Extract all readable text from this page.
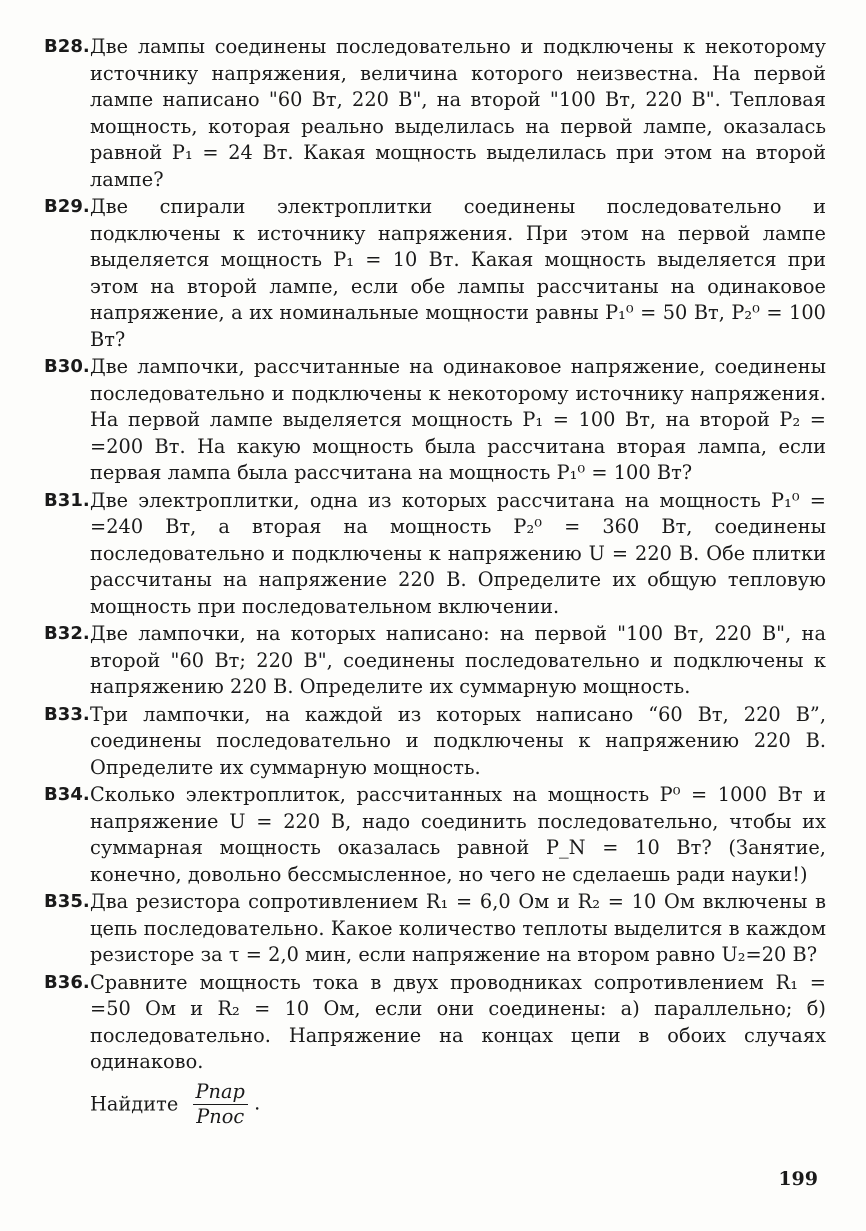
В28. Две лампы соединены последовательно и подключены к некоторому источнику напряжения, величина которого неизвестна. На первой лампе написано "60 Вт, 220 В", на второй "100 Вт, 220 В". Тепловая мощность, которая реально выделилась на первой лампе, оказалась равной P₁ = 24 Вт. Какая мощность выделилась при этом на второй лампе?
В29. Две спирали электроплитки соединены последовательно и подключены к источнику напряжения. При этом на первой лампе выделяется мощность P₁ = 10 Вт. Какая мощность выделяется при этом на второй лампе, если обе лампы рассчитаны на одинаковое напряжение, а их номинальные мощности равны P₁⁰ = 50 Вт, P₂⁰ = 100 Вт?
В30. Две лампочки, рассчитанные на одинаковое напряжение, соединены последовательно и подключены к некоторому источнику напряжения. На первой лампе выделяется мощность P₁ = 100 Вт, на второй P₂ = =200 Вт. На какую мощность была рассчитана вторая лампа, если первая лампа была рассчитана на мощность P₁⁰ = 100 Вт?
В31. Две электроплитки, одна из которых рассчитана на мощность P₁⁰ = =240 Вт, а вторая на мощность P₂⁰ = 360 Вт, соединены последовательно и подключены к напряжению U = 220 В. Обе плитки рассчитаны на напряжение 220 В. Определите их общую тепловую мощность при последовательном включении.
В32. Две лампочки, на которых написано: на первой "100 Вт, 220 В", на второй "60 Вт; 220 В", соединены последовательно и подключены к напряжению 220 В. Определите их суммарную мощность.
В33. Три лампочки, на каждой из которых написано “60 Вт, 220 В”, соединены последовательно и подключены к напряжению 220 В. Определите их суммарную мощность.
В34. Сколько электроплиток, рассчитанных на мощность P⁰ = 1000 Вт и напряжение U = 220 В, надо соединить последовательно, чтобы их суммарная мощность оказалась равной P_N = 10 Вт? (Занятие, конечно, довольно бессмысленное, но чего не сделаешь ради науки!)
В35. Два резистора сопротивлением R₁ = 6,0 Ом и R₂ = 10 Ом включены в цепь последовательно. Какое количество теплоты выделится в каждом резисторе за τ = 2,0 мин, если напряжение на втором равно U₂=20 В?
В36. Сравните мощность тока в двух проводниках сопротивлением R₁ = =50 Ом и R₂ = 10 Ом, если они соединены: а) параллельно; б) последовательно. Напряжение на концах цепи в обоих случаях одинаково.
Найдите $\frac{\text{Pпар}}{\text{Pпос}}$ .
199
